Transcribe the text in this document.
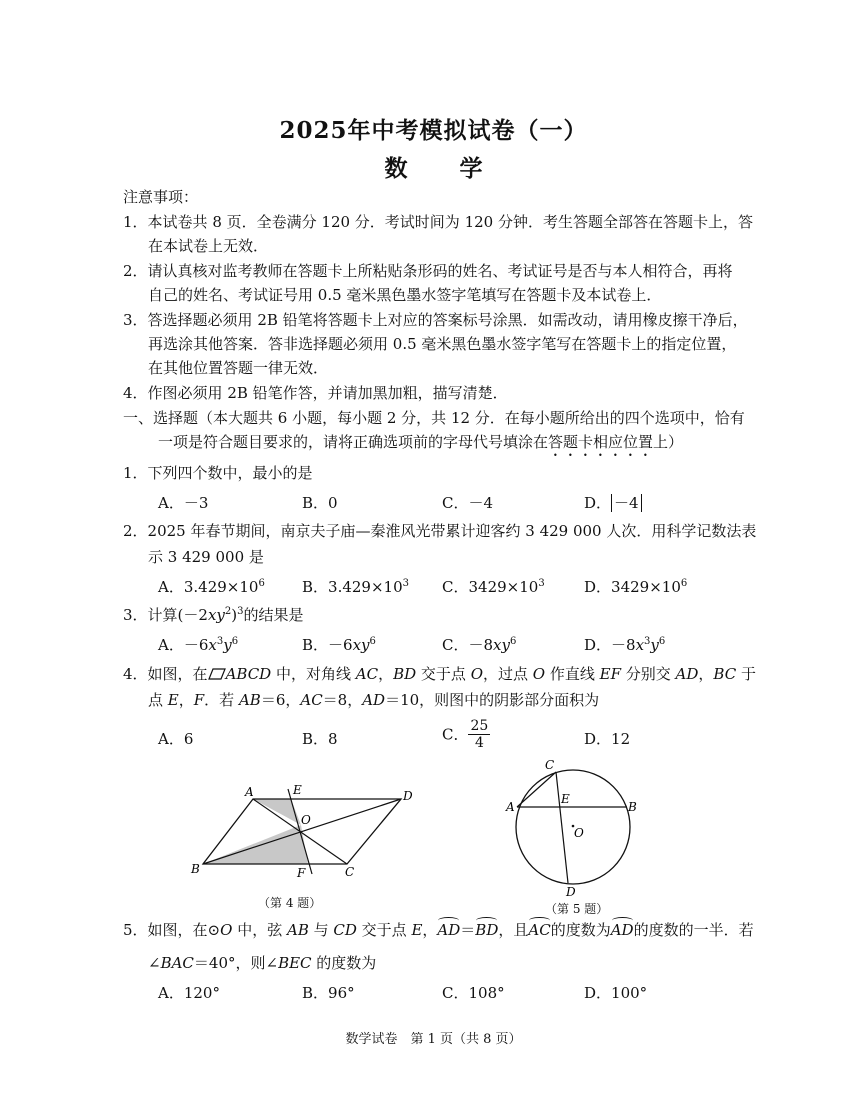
2025年中考模拟试卷（一）
数 学
注意事项：
1．本试卷共 8 页．全卷满分 120 分．考试时间为 120 分钟．考生答题全部答在答题卡上，答
在本试卷上无效．
2．请认真核对监考教师在答题卡上所粘贴条形码的姓名、考试证号是否与本人相符合，再将
自己的姓名、考试证号用 0.5 毫米黑色墨水签字笔填写在答题卡及本试卷上．
3．答选择题必须用 2B 铅笔将答题卡上对应的答案标号涂黑．如需改动，请用橡皮擦干净后，
再选涂其他答案．答非选择题必须用 0.5 毫米黑色墨水签字笔写在答题卡上的指定位置，
在其他位置答题一律无效．
4．作图必须用 2B 铅笔作答，并请加黑加粗，描写清楚．
一、选择题（本大题共 6 小题，每小题 2 分，共 12 分．在每小题所给出的四个选项中，恰有
一项是符合题目要求的，请将正确选项前的字母代号填涂在答题卡相应位置上）
1．下列四个数中，最小的是
A．－3	B．0	C．－4	D． －4
2．2025 年春节期间，南京夫子庙—秦淮风光带累计迎客约 3 429 000 人次．用科学记数法表
示 3 429 000 是
A．$3.429\times 10^6$ B．$3.429\times 10^3$ C．$3429\times 10^3$	D．$3429\times 10^6$
3．计算$(-2xy^2)^3$的结果是
A．$-6x^3y^6$	B．$-6xy^6$	C．$-8xy^6$	D．$-8x^3y^6$
4．如图，在 ABCD 中，对角线 AC，BD 交于点 O，过点 O 作直线 EF 分别交 AD，BC 于
点 E，F．若 AB＝6，AC＝8，AD＝10，则图中的阴影部分面积为
A．6	B．8	C． $\frac{25}{4}$	D．12
A	E	D
O
B	F	C
（第 4 题）
C
A
E
B
O
D
（第 5 题）
5．如图，在⊙O 中，弦 AB 与 CD 交于点 E，AD＝BD，且AC的度数为AD的度数的一半．若
∠BAC＝40°，则∠BEC 的度数为
A．120°	B．96°	C．108°	D．100°
数学试卷　第 1 页（共 8 页）
